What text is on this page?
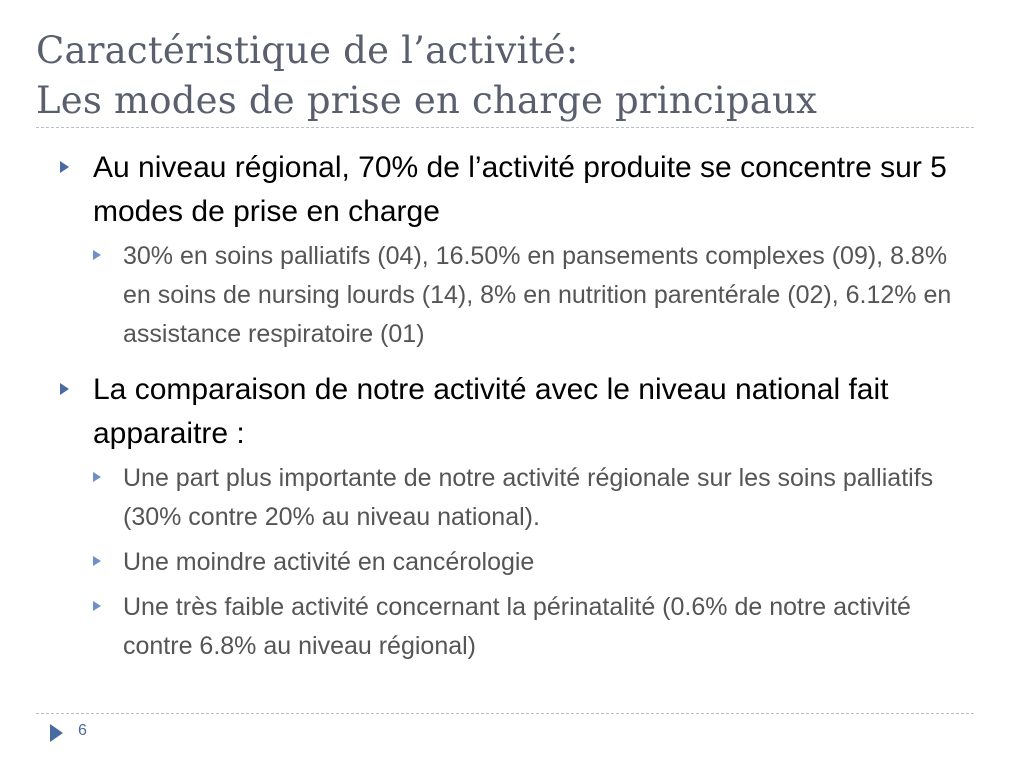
Caractéristique de l’activité:
Les modes de prise en charge principaux
Au niveau régional, 70% de l’activité produite se concentre sur 5 modes de prise en charge
30% en soins palliatifs (04), 16.50% en pansements complexes (09), 8.8% en soins de nursing lourds (14), 8% en nutrition parentérale (02), 6.12% en assistance respiratoire (01)
La comparaison de notre activité avec le niveau national fait apparaitre :
Une part plus importante de notre activité régionale sur les soins palliatifs (30% contre 20% au niveau national).
Une moindre activité en cancérologie
Une très faible activité concernant la périnatalité (0.6% de notre activité contre 6.8% au niveau régional)
6
